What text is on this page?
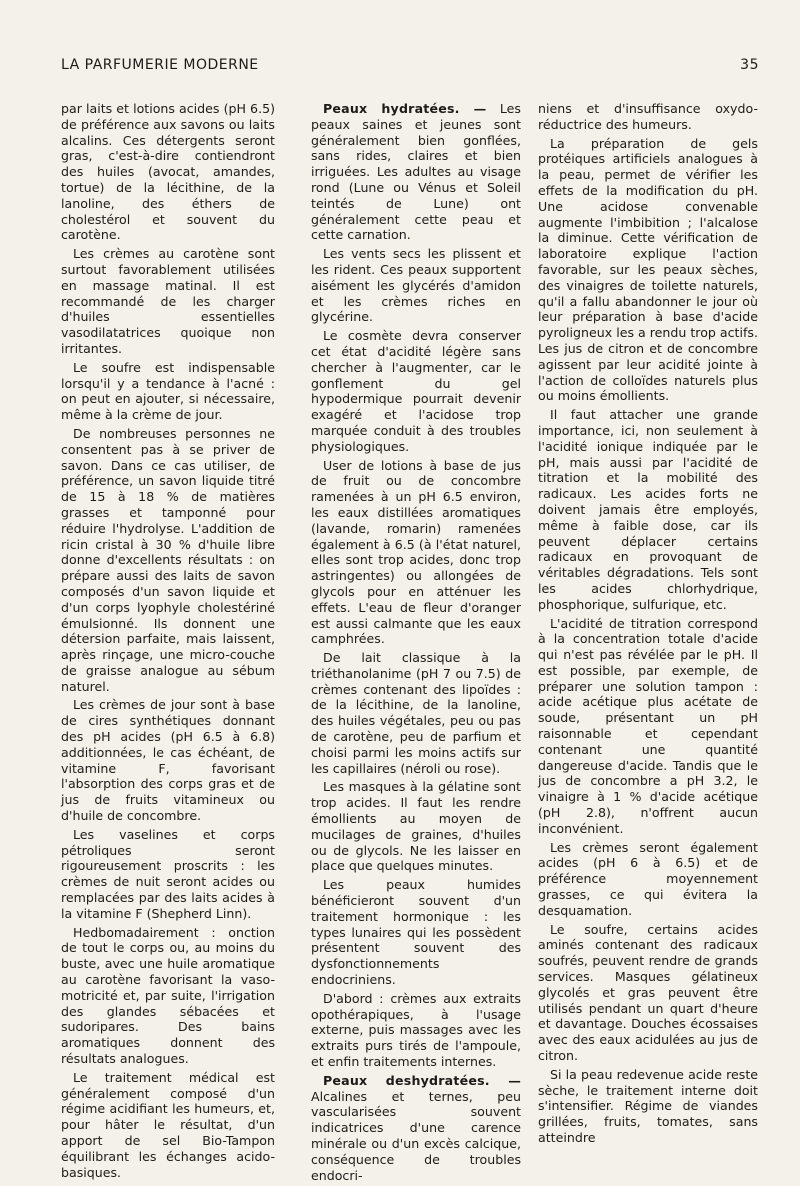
LA PARFUMERIE MODERNE	35

par laits et lotions acides (pH 6.5) de préférence aux savons ou laits alcalins. Ces détergents seront gras, c'est-à-dire contiendront des huiles (avocat, amandes, tortue) de la lécithine, de la lanoline, des éthers de cholestérol et souvent du carotène.

Les crèmes au carotène sont surtout favorablement utilisées en massage matinal. Il est recommandé de les charger d'huiles essentielles vasodilatatrices quoique non irritantes.

Le soufre est indispensable lorsqu'il y a tendance à l'acné : on peut en ajouter, si nécessaire, même à la crème de jour.

De nombreuses personnes ne consentent pas à se priver de savon. Dans ce cas utiliser, de préférence, un savon liquide titré de 15 à 18 % de matières grasses et tamponné pour réduire l'hydrolyse. L'addition de ricin cristal à 30 % d'huile libre donne d'excellents résultats : on prépare aussi des laits de savon composés d'un savon liquide et d'un corps lyophyle cholestériné émulsionné. Ils donnent une détersion parfaite, mais laissent, après rinçage, une micro-couche de graisse analogue au sébum naturel.

Les crèmes de jour sont à base de cires synthétiques donnant des pH acides (pH 6.5 à 6.8) additionnées, le cas échéant, de vitamine F, favorisant l'absorption des corps gras et de jus de fruits vitamineux ou d'huile de concombre.

Les vaselines et corps pétroliques seront rigoureusement proscrits : les crèmes de nuit seront acides ou remplacées par des laits acides à la vitamine F (Shepherd Linn).

Hedbomadairement : onction de tout le corps ou, au moins du buste, avec une huile aromatique au carotène favorisant la vaso-motricité et, par suite, l'irrigation des glandes sébacées et sudoripares. Des bains aromatiques donnent des résultats analogues.

Le traitement médical est généralement composé d'un régime acidifiant les humeurs, et, pour hâter le résultat, d'un apport de sel Bio-Tampon équilibrant les échanges acido-basiques.

Peaux hydratées. — Les peaux saines et jeunes sont généralement bien gonflées, sans rides, claires et bien irriguées. Les adultes au visage rond (Lune ou Vénus et Soleil teintés de Lune) ont généralement cette peau et cette carnation.

Les vents secs les plissent et les rident. Ces peaux supportent aisément les glycérés d'amidon et les crèmes riches en glycérine.

Le cosmète devra conserver cet état d'acidité légère sans chercher à l'augmenter, car le gonflement du gel hypodermique pourrait devenir exagéré et l'acidose trop marquée conduit à des troubles physiologiques.

User de lotions à base de jus de fruit ou de concombre ramenées à un pH 6.5 environ, les eaux distillées aromatiques (lavande, romarin) ramenées également à 6.5 (à l'état naturel, elles sont trop acides, donc trop astringentes) ou allongées de glycols pour en atténuer les effets. L'eau de fleur d'oranger est aussi calmante que les eaux camphrées.

De lait classique à la triéthanolanime (pH 7 ou 7.5) de crèmes contenant des lipoïdes : de la lécithine, de la lanoline, des huiles végétales, peu ou pas de carotène, peu de parfium et choisi parmi les moins actifs sur les capillaires (néroli ou rose).

Les masques à la gélatine sont trop acides. Il faut les rendre émollients au moyen de mucilages de graines, d'huiles ou de glycols. Ne les laisser en place que quelques minutes.

Les peaux humides bénéficieront souvent d'un traitement hormonique : les types lunaires qui les possèdent présentent souvent des dysfonctionnements endocriniens.

D'abord : crèmes aux extraits opothérapiques, à l'usage externe, puis massages avec les extraits purs tirés de l'ampoule, et enfin traitements internes.

Peaux deshydratées. — Alcalines et ternes, peu vascularisées souvent indicatrices d'une carence minérale ou d'un excès calcique, conséquence de troubles endocri-

niens et d'insuffisance oxydo-réductrice des humeurs.

La préparation de gels protéiques artificiels analogues à la peau, permet de vérifier les effets de la modification du pH. Une acidose convenable augmente l'imbibition ; l'alcalose la diminue. Cette vérification de laboratoire explique l'action favorable, sur les peaux sèches, des vinaigres de toilette naturels, qu'il a fallu abandonner le jour où leur préparation à base d'acide pyroligneux les a rendu trop actifs. Les jus de citron et de concombre agissent par leur acidité jointe à l'action de colloïdes naturels plus ou moins émollients.

Il faut attacher une grande importance, ici, non seulement à l'acidité ionique indiquée par le pH, mais aussi par l'acidité de titration et la mobilité des radicaux. Les acides forts ne doivent jamais être employés, même à faible dose, car ils peuvent déplacer certains radicaux en provoquant de véritables dégradations. Tels sont les acides chlorhydrique, phosphorique, sulfurique, etc.

L'acidité de titration correspond à la concentration totale d'acide qui n'est pas révélée par le pH. Il est possible, par exemple, de préparer une solution tampon : acide acétique plus acétate de soude, présentant un pH raisonnable et cependant contenant une quantité dangereuse d'acide. Tandis que le jus de concombre a pH 3.2, le vinaigre à 1 % d'acide acétique (pH 2.8), n'offrent aucun inconvénient.

Les crèmes seront également acides (pH 6 à 6.5) et de préférence moyennement grasses, ce qui évitera la desquamation.

Le soufre, certains acides aminés contenant des radicaux soufrés, peuvent rendre de grands services. Masques gélatineux glycolés et gras peuvent être utilisés pendant un quart d'heure et davantage. Douches écossaises avec des eaux acidulées au jus de citron.

Si la peau redevenue acide reste sèche, le traitement interne doit s'intensifier. Régime de viandes grillées, fruits, tomates, sans atteindre
